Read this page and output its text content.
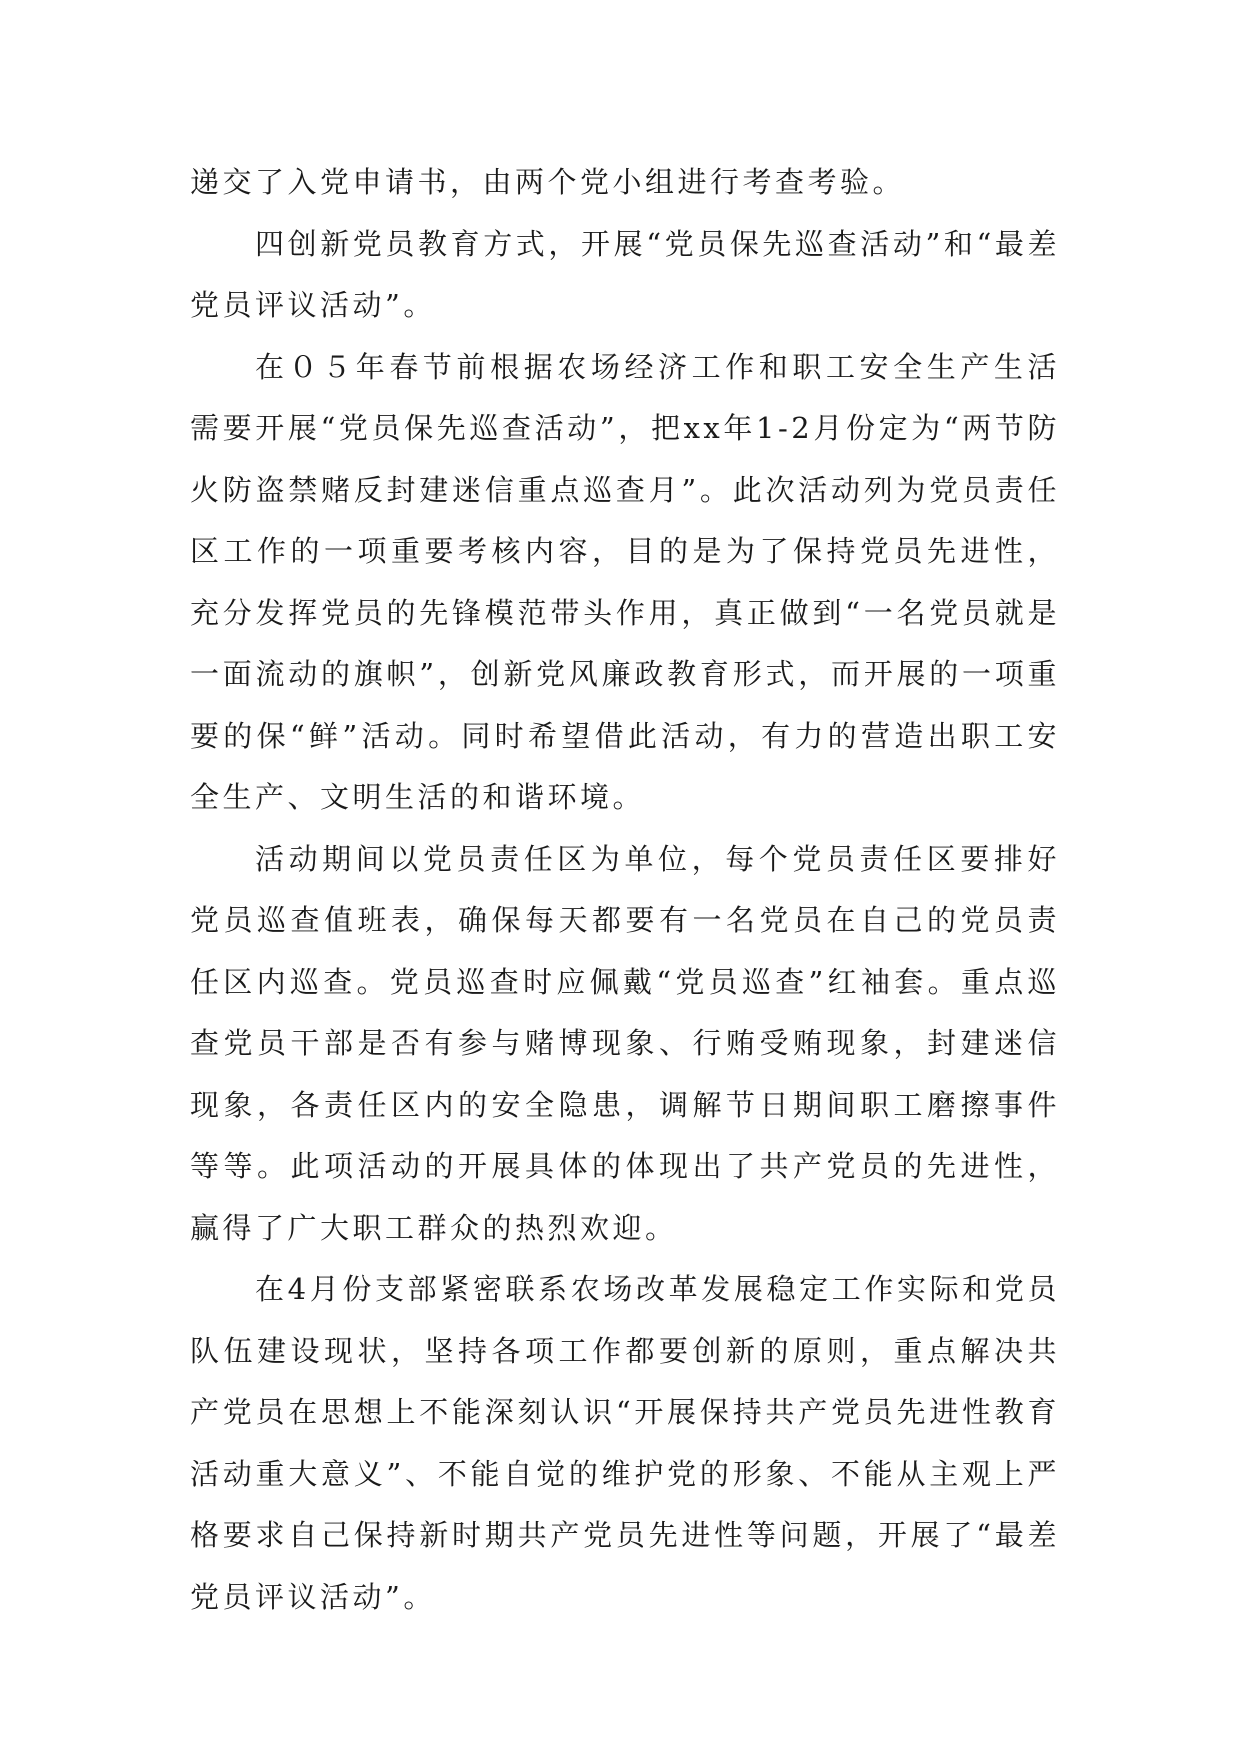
递交了入党申请书，由两个党小组进行考查考验。

四创新党员教育方式，开展“党员保先巡查活动”和“最差党员评议活动”。

在０５年春节前根据农场经济工作和职工安全生产生活需要开展“党员保先巡查活动”，把xx年1-2月份定为“两节防火防盗禁赌反封建迷信重点巡查月”。此次活动列为党员责任区工作的一项重要考核内容，目的是为了保持党员先进性，充分发挥党员的先锋模范带头作用，真正做到“一名党员就是一面流动的旗帜”，创新党风廉政教育形式，而开展的一项重要的保“鲜”活动。同时希望借此活动，有力的营造出职工安全生产、文明生活的和谐环境。

活动期间以党员责任区为单位，每个党员责任区要排好党员巡查值班表，确保每天都要有一名党员在自己的党员责任区内巡查。党员巡查时应佩戴“党员巡查”红袖套。重点巡查党员干部是否有参与赌博现象、行贿受贿现象，封建迷信现象，各责任区内的安全隐患，调解节日期间职工磨擦事件等等。此项活动的开展具体的体现出了共产党员的先进性，赢得了广大职工群众的热烈欢迎。

在4月份支部紧密联系农场改革发展稳定工作实际和党员队伍建设现状，坚持各项工作都要创新的原则，重点解决共产党员在思想上不能深刻认识“开展保持共产党员先进性教育活动重大意义”、不能自觉的维护党的形象、不能从主观上严格要求自己保持新时期共产党员先进性等问题，开展了“最差党员评议活动”。
